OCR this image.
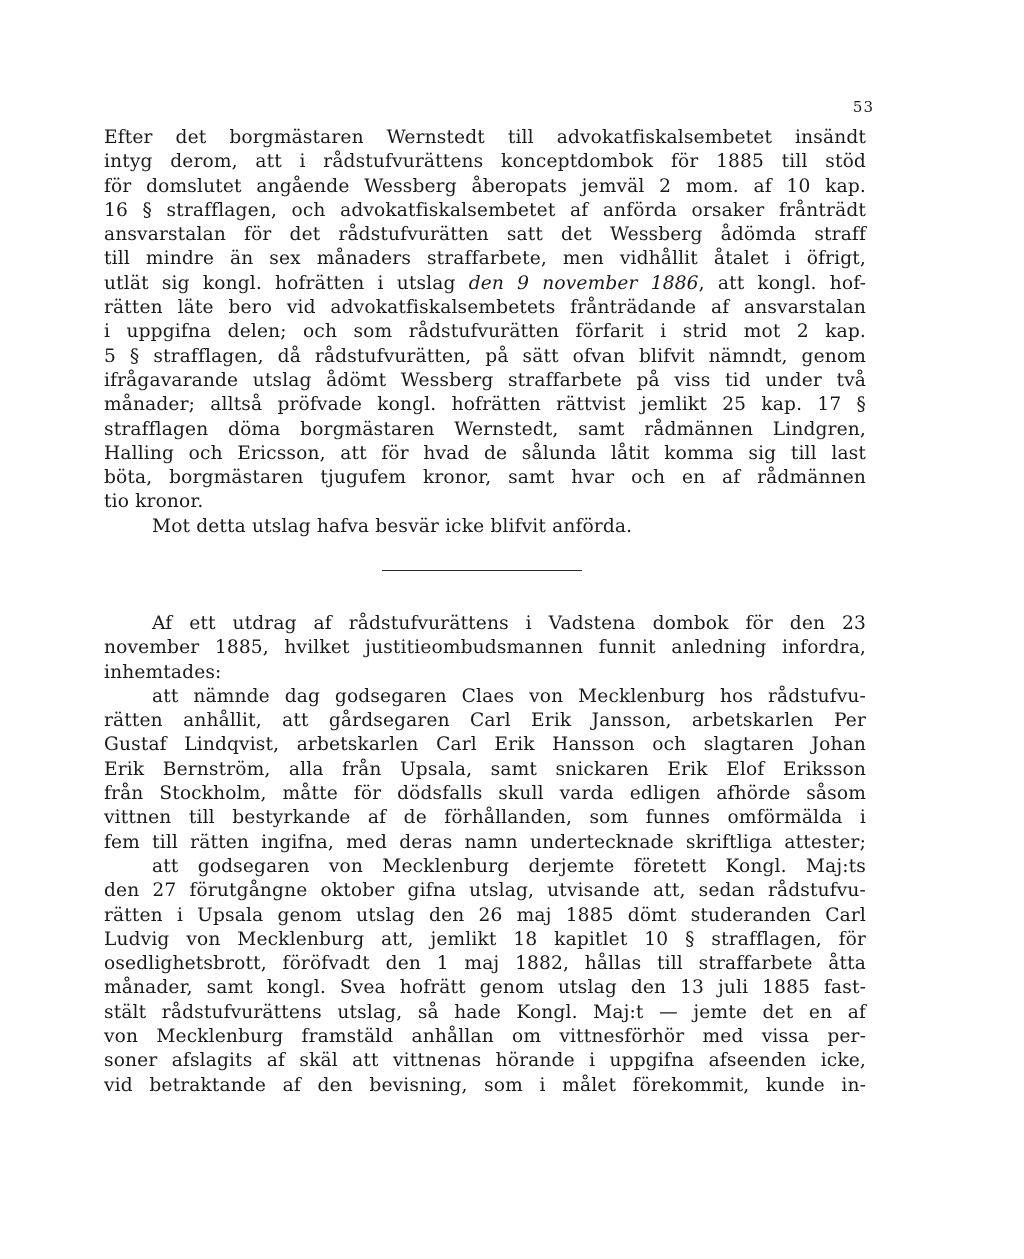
53
Efter det borgmästaren Wernstedt till advokatfiskalsembetet insändt
intyg derom, att i rådstufvurättens konceptdombok för 1885 till stöd
för domslutet angående Wessberg åberopats jemväl 2 mom. af 10 kap.
16 § strafflagen, och advokatfiskalsembetet af anförda orsaker frånträdt
ansvarstalan för det rådstufvurätten satt det Wessberg ådömda straff
till mindre än sex månaders straffarbete, men vidhållit åtalet i öfrigt,
utlät sig kongl. hofrätten i utslag den 9 november 1886, att kongl. hof-
rätten läte bero vid advokatfiskalsembetets frånträdande af ansvarstalan
i uppgifna delen; och som rådstufvurätten förfarit i strid mot 2 kap.
5 § strafflagen, då rådstufvurätten, på sätt ofvan blifvit nämndt, genom
ifrågavarande utslag ådömt Wessberg straffarbete på viss tid under två
månader; alltså pröfvade kongl. hofrätten rättvist jemlikt 25 kap. 17 §
strafflagen döma borgmästaren Wernstedt, samt rådmännen Lindgren,
Halling och Ericsson, att för hvad de sålunda låtit komma sig till last
böta, borgmästaren tjugufem kronor, samt hvar och en af rådmännen
tio kronor.
Mot detta utslag hafva besvär icke blifvit anförda.
Af ett utdrag af rådstufvurättens i Vadstena dombok för den 23
november 1885, hvilket justitieombudsmannen funnit anledning infordra,
inhemtades:
att nämnde dag godsegaren Claes von Mecklenburg hos rådstufvu-
rätten anhållit, att gårdsegaren Carl Erik Jansson, arbetskarlen Per
Gustaf Lindqvist, arbetskarlen Carl Erik Hansson och slagtaren Johan
Erik Bernström, alla från Upsala, samt snickaren Erik Elof Eriksson
från Stockholm, måtte för dödsfalls skull varda edligen afhörde såsom
vittnen till bestyrkande af de förhållanden, som funnes omförmälda i
fem till rätten ingifna, med deras namn undertecknade skriftliga attester;
att godsegaren von Mecklenburg derjemte företett Kongl. Maj:ts
den 27 förutgångne oktober gifna utslag, utvisande att, sedan rådstufvu-
rätten i Upsala genom utslag den 26 maj 1885 dömt studeranden Carl
Ludvig von Mecklenburg att, jemlikt 18 kapitlet 10 § strafflagen, för
osedlighetsbrott, föröfvadt den 1 maj 1882, hållas till straffarbete åtta
månader, samt kongl. Svea hofrätt genom utslag den 13 juli 1885 fast-
stält rådstufvurättens utslag, så hade Kongl. Maj:t — jemte det en af
von Mecklenburg framstäld anhållan om vittnesförhör med vissa per-
soner afslagits af skäl att vittnenas hörande i uppgifna afseenden icke,
vid betraktande af den bevisning, som i målet förekommit, kunde in-
